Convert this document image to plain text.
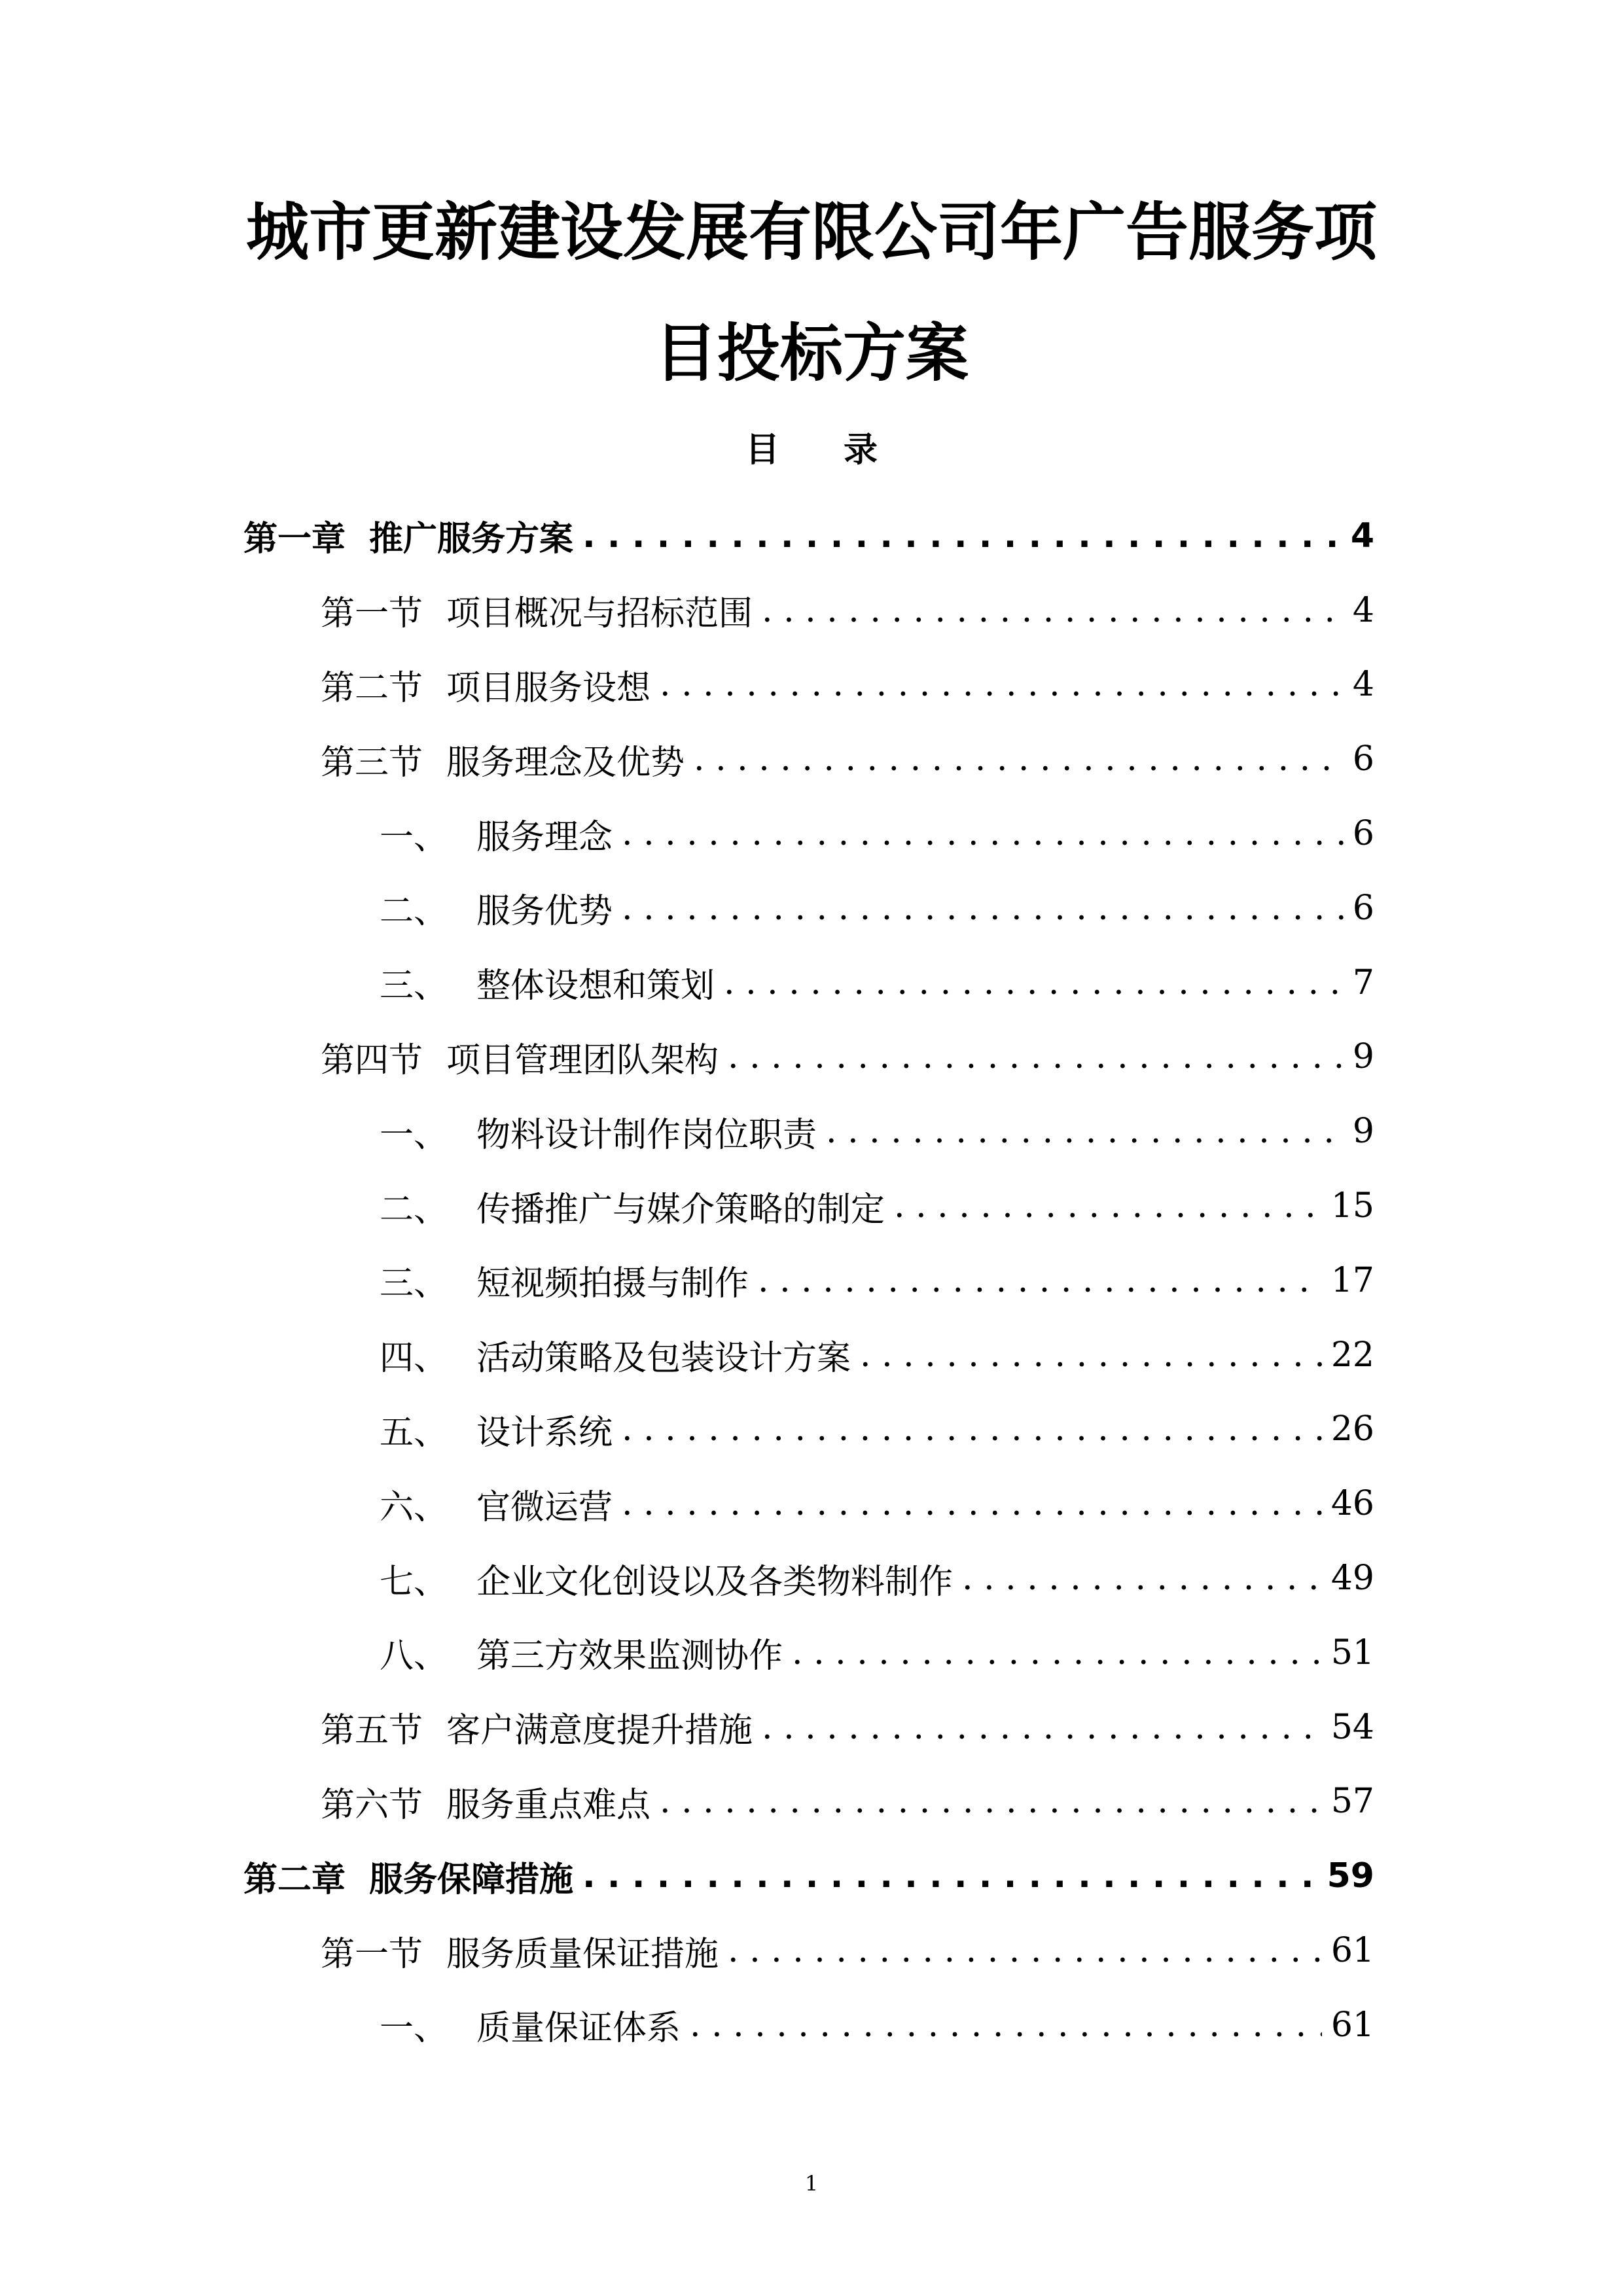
城市更新建设发展有限公司年广告服务项
目投标方案
目 录
第一章 推广服务方案 . . .	4
第一节 项目概况与招标范围 . . .	4
第二节 项目服务设想 . . .	4
第三节 服务理念及优势 . . .	6
一、 服务理念 . . .	6
二、 服务优势 . . .	6
三、 整体设想和策划 . . .	7
第四节 项目管理团队架构 . . .	9
一、 物料设计制作岗位职责 . . .	9
二、 传播推广与媒介策略的制定 . . .	15
三、 短视频拍摄与制作 . . .	17
四、 活动策略及包装设计方案 . . .	22
五、 设计系统 . . .	26
六、 官微运营 . . .	46
七、 企业文化创设以及各类物料制作 . . .	49
八、 第三方效果监测协作 . . .	51
第五节 客户满意度提升措施 . . .	54
第六节 服务重点难点 . . .	57
第二章 服务保障措施 . . .	59
第一节 服务质量保证措施 . . .	61
一、 质量保证体系 . . .	61
1
